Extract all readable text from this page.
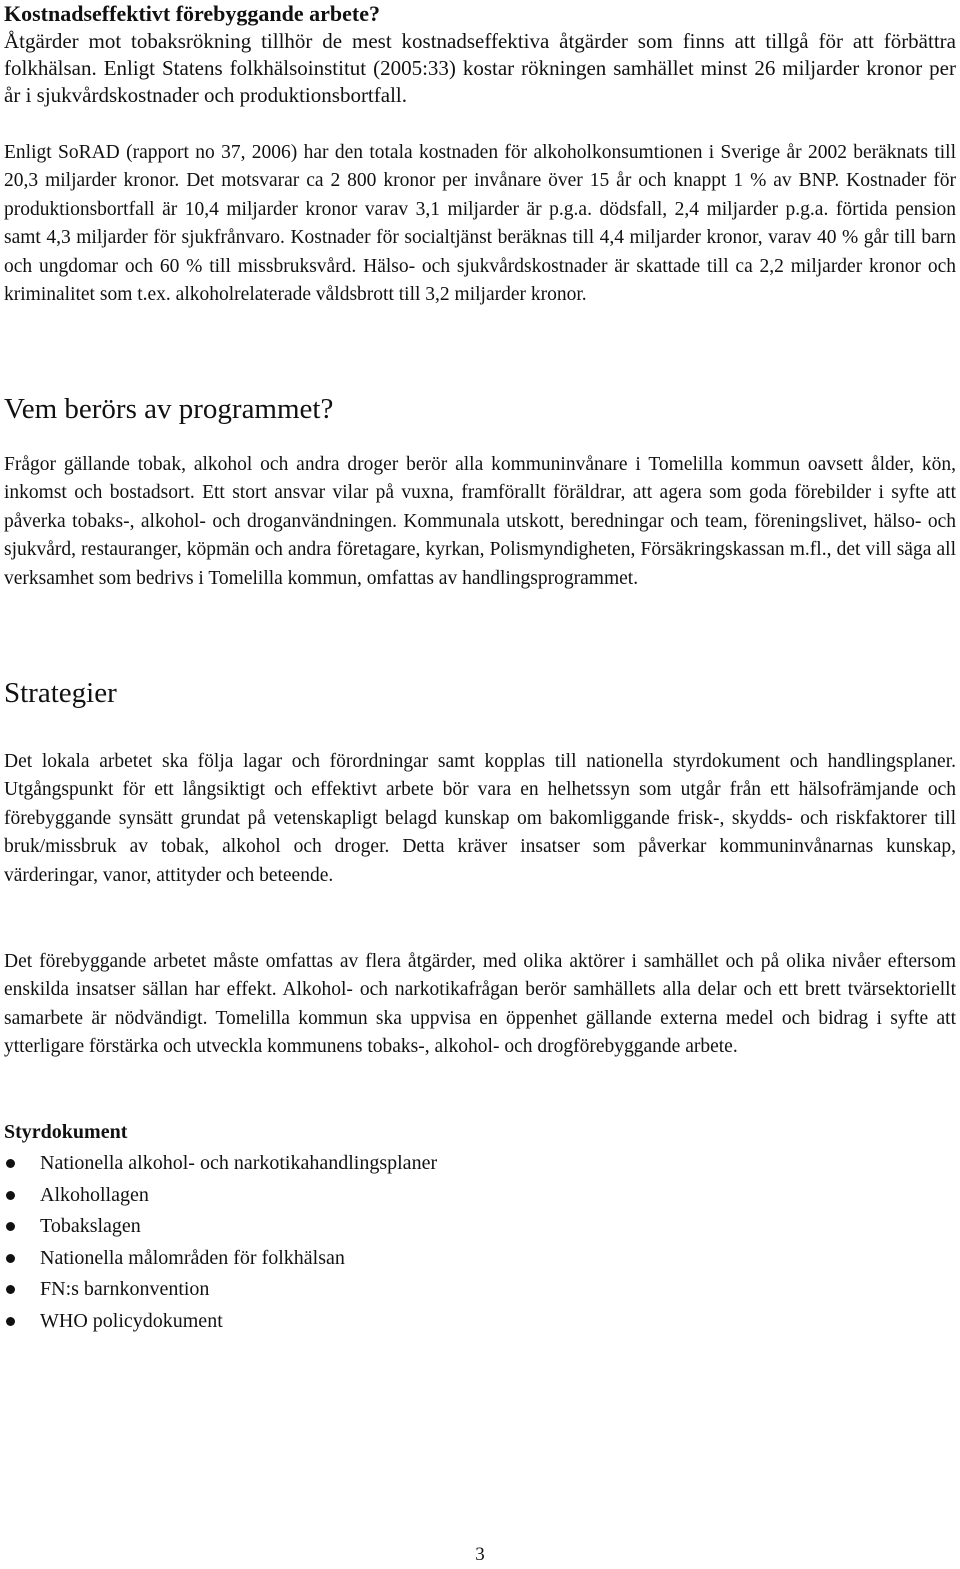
Kostnadseffektivt förebyggande arbete?

Åtgärder mot tobaksrökning tillhör de mest kostnadseffektiva åtgärder som finns att tillgå för att förbättra folkhälsan. Enligt Statens folkhälsoinstitut (2005:33) kostar rökningen samhället minst 26 miljarder kronor per år i sjukvårdskostnader och produktionsbortfall.

Enligt SoRAD (rapport no 37, 2006) har den totala kostnaden för alkoholkonsumtionen i Sverige år 2002 beräknats till 20,3 miljarder kronor. Det motsvarar ca 2 800 kronor per invånare över 15 år och knappt 1 % av BNP. Kostnader för produktionsbortfall är 10,4 miljarder kronor varav 3,1 miljarder är p.g.a. dödsfall, 2,4 miljarder p.g.a. förtida pension samt 4,3 miljarder för sjukfrånvaro. Kostnader för socialtjänst beräknas till 4,4 miljarder kronor, varav 40 % går till barn och ungdomar och 60 % till missbruksvård. Hälso- och sjukvårdskostnader är skattade till ca 2,2 miljarder kronor och kriminalitet som t.ex. alkoholrelaterade våldsbrott till 3,2 miljarder kronor.

Vem berörs av programmet?

Frågor gällande tobak, alkohol och andra droger berör alla kommuninvånare i Tomelilla kommun oavsett ålder, kön, inkomst och bostadsort. Ett stort ansvar vilar på vuxna, framförallt föräldrar, att agera som goda förebilder i syfte att påverka tobaks-, alkohol- och droganvändningen. Kommunala utskott, beredningar och team, föreningslivet, hälso- och sjukvård, restauranger, köpmän och andra företagare, kyrkan, Polismyndigheten, Försäkringskassan m.fl., det vill säga all verksamhet som bedrivs i Tomelilla kommun, omfattas av handlingsprogrammet.

Strategier

Det lokala arbetet ska följa lagar och förordningar samt kopplas till nationella styrdokument och handlingsplaner. Utgångspunkt för ett långsiktigt och effektivt arbete bör vara en helhetssyn som utgår från ett hälsofrämjande och förebyggande synsätt grundat på vetenskapligt belagd kunskap om bakomliggande frisk-, skydds- och riskfaktorer till bruk/missbruk av tobak, alkohol och droger. Detta kräver insatser som påverkar kommuninvånarnas kunskap, värderingar, vanor, attityder och beteende.

Det förebyggande arbetet måste omfattas av flera åtgärder, med olika aktörer i samhället och på olika nivåer eftersom enskilda insatser sällan har effekt. Alkohol- och narkotikafrågan berör samhällets alla delar och ett brett tvärsektoriellt samarbete är nödvändigt. Tomelilla kommun ska uppvisa en öppenhet gällande externa medel och bidrag i syfte att ytterligare förstärka och utveckla kommunens tobaks-, alkohol- och drogförebyggande arbete.

Styrdokument
Nationella alkohol- och narkotikahandlingsplaner
Alkohollagen
Tobakslagen
Nationella målområden för folkhälsan
FN:s barnkonvention
WHO policydokument
3
